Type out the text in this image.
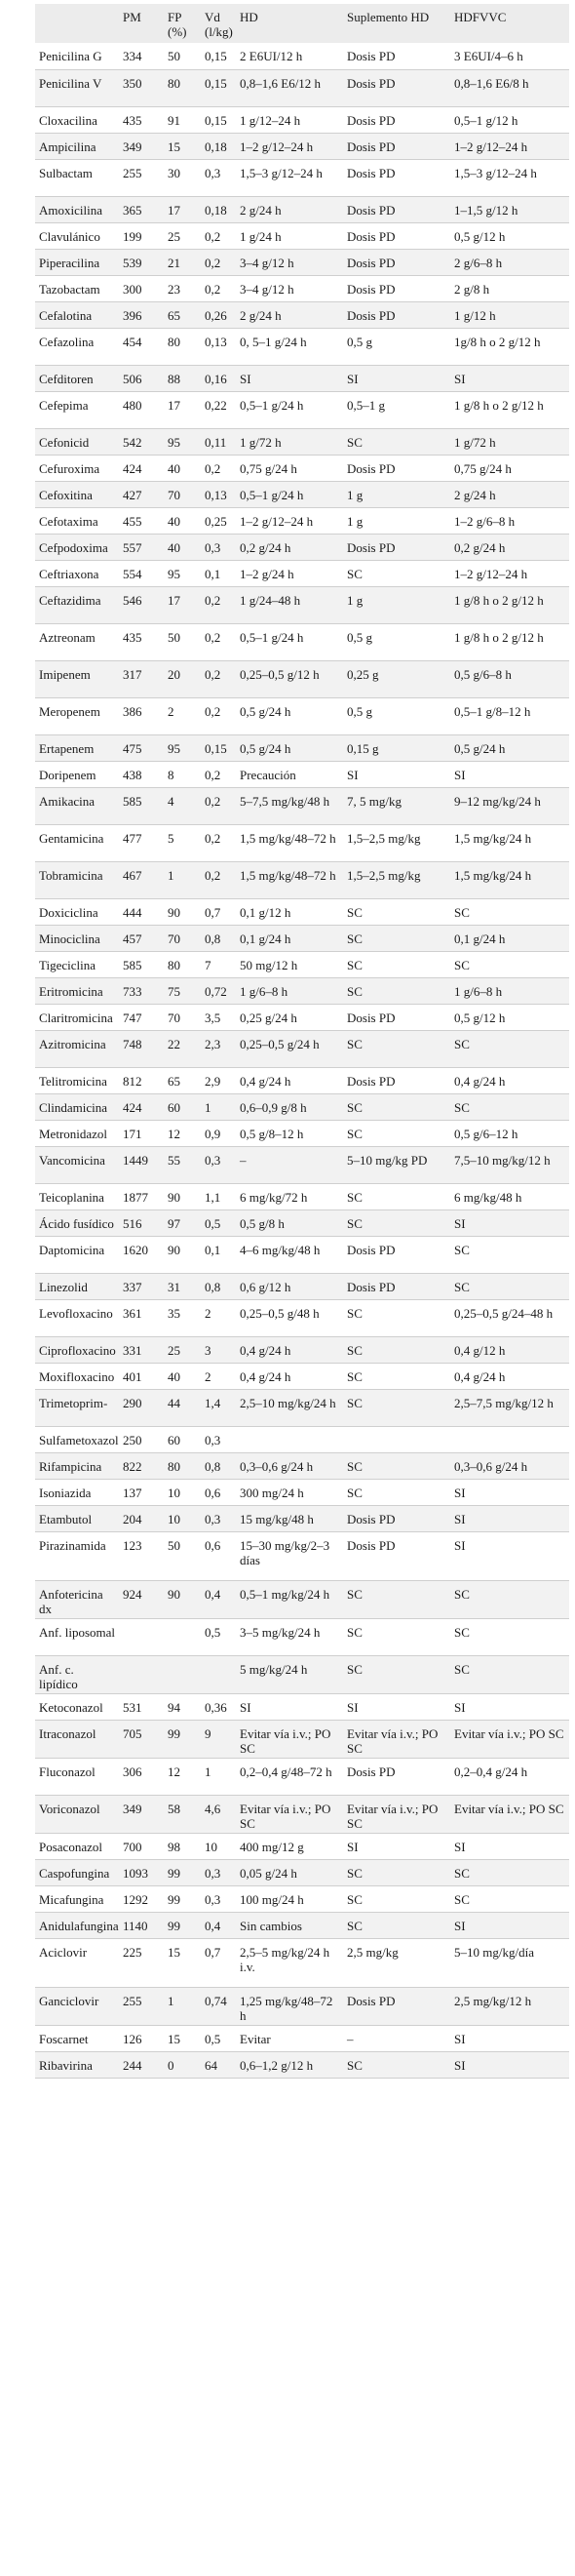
	PM	FP (%)	Vd (l/kg)	HD	Suplemento HD	HDFVVC
Penicilina G	334	50	0,15	2 E6UI/12 h	Dosis PD	3 E6UI/4–6 h
Penicilina V	350	80	0,15	0,8–1,6 E6/12 h	Dosis PD	0,8–1,6 E6/8 h
Cloxacilina	435	91	0,15	1 g/12–24 h	Dosis PD	0,5–1 g/12 h
Ampicilina	349	15	0,18	1–2 g/12–24 h	Dosis PD	1–2 g/12–24 h
Sulbactam	255	30	0,3	1,5–3 g/12–24 h	Dosis PD	1,5–3 g/12–24 h
Amoxicilina	365	17	0,18	2 g/24 h	Dosis PD	1–1,5 g/12 h
Clavulánico	199	25	0,2	1 g/24 h	Dosis PD	0,5 g/12 h
Piperacilina	539	21	0,2	3–4 g/12 h	Dosis PD	2 g/6–8 h
Tazobactam	300	23	0,2	3–4 g/12 h	Dosis PD	2 g/8 h
Cefalotina	396	65	0,26	2 g/24 h	Dosis PD	1 g/12 h
Cefazolina	454	80	0,13	0, 5–1 g/24 h	0,5 g	1g/8 h o 2 g/12 h
Cefditoren	506	88	0,16	SI	SI	SI
Cefepima	480	17	0,22	0,5–1 g/24 h	0,5–1 g	1 g/8 h o 2 g/12 h
Cefonicid	542	95	0,11	1 g/72 h	SC	1 g/72 h
Cefuroxima	424	40	0,2	0,75 g/24 h	Dosis PD	0,75 g/24 h
Cefoxitina	427	70	0,13	0,5–1 g/24 h	1 g	2 g/24 h
Cefotaxima	455	40	0,25	1–2 g/12–24 h	1 g	1–2 g/6–8 h
Cefpodoxima	557	40	0,3	0,2 g/24 h	Dosis PD	0,2 g/24 h
Ceftriaxona	554	95	0,1	1–2 g/24 h	SC	1–2 g/12–24 h
Ceftazidima	546	17	0,2	1 g/24–48 h	1 g	1 g/8 h o 2 g/12 h
Aztreonam	435	50	0,2	0,5–1 g/24 h	0,5 g	1 g/8 h o 2 g/12 h
Imipenem	317	20	0,2	0,25–0,5 g/12 h	0,25 g	0,5 g/6–8 h
Meropenem	386	2	0,2	0,5 g/24 h	0,5 g	0,5–1 g/8–12 h
Ertapenem	475	95	0,15	0,5 g/24 h	0,15 g	0,5 g/24 h
Doripenem	438	8	0,2	Precaución	SI	SI
Amikacina	585	4	0,2	5–7,5 mg/kg/48 h	7, 5 mg/kg	9–12 mg/kg/24 h
Gentamicina	477	5	0,2	1,5 mg/kg/48–72 h	1,5–2,5 mg/kg	1,5 mg/kg/24 h
Tobramicina	467	1	0,2	1,5 mg/kg/48–72 h	1,5–2,5 mg/kg	1,5 mg/kg/24 h
Doxiciclina	444	90	0,7	0,1 g/12 h	SC	SC
Minociclina	457	70	0,8	0,1 g/24 h	SC	0,1 g/24 h
Tigeciclina	585	80	7	50 mg/12 h	SC	SC
Eritromicina	733	75	0,72	1 g/6–8 h	SC	1 g/6–8 h
Claritromicina	747	70	3,5	0,25 g/24 h	Dosis PD	0,5 g/12 h
Azitromicina	748	22	2,3	0,25–0,5 g/24 h	SC	SC
Telitromicina	812	65	2,9	0,4 g/24 h	Dosis PD	0,4 g/24 h
Clindamicina	424	60	1	0,6–0,9 g/8 h	SC	SC
Metronidazol	171	12	0,9	0,5 g/8–12 h	SC	0,5 g/6–12 h
Vancomicina	1449	55	0,3	–	5–10 mg/kg PD	7,5–10 mg/kg/12 h
Teicoplanina	1877	90	1,1	6 mg/kg/72 h	SC	6 mg/kg/48 h
Ácido fusídico	516	97	0,5	0,5 g/8 h	SC	SI
Daptomicina	1620	90	0,1	4–6 mg/kg/48 h	Dosis PD	SC
Linezolid	337	31	0,8	0,6 g/12 h	Dosis PD	SC
Levofloxacino	361	35	2	0,25–0,5 g/48 h	SC	0,25–0,5 g/24–48 h
Ciprofloxacino	331	25	3	0,4 g/24 h	SC	0,4 g/12 h
Moxifloxacino	401	40	2	0,4 g/24 h	SC	0,4 g/24 h
Trimetoprim-	290	44	1,4	2,5–10 mg/kg/24 h	SC	2,5–7,5 mg/kg/12 h
Sulfametoxazol	250	60	0,3			
Rifampicina	822	80	0,8	0,3–0,6 g/24 h	SC	0,3–0,6 g/24 h
Isoniazida	137	10	0,6	300 mg/24 h	SC	SI
Etambutol	204	10	0,3	15 mg/kg/48 h	Dosis PD	SI
Pirazinamida	123	50	0,6	15–30 mg/kg/2–3 días	Dosis PD	SI
Anfotericina dx	924	90	0,4	0,5–1 mg/kg/24 h	SC	SC
Anf. liposomal			0,5	3–5 mg/kg/24 h	SC	SC
Anf. c. lipídico				5 mg/kg/24 h	SC	SC
Ketoconazol	531	94	0,36	SI	SI	SI
Itraconazol	705	99	9	Evitar vía i.v.; PO SC	Evitar vía i.v.; PO SC	Evitar vía i.v.; PO SC
Fluconazol	306	12	1	0,2–0,4 g/48–72 h	Dosis PD	0,2–0,4 g/24 h
Voriconazol	349	58	4,6	Evitar vía i.v.; PO SC	Evitar vía i.v.; PO SC	Evitar vía i.v.; PO SC
Posaconazol	700	98	10	400 mg/12 g	SI	SI
Caspofungina	1093	99	0,3	0,05 g/24 h	SC	SC
Micafungina	1292	99	0,3	100 mg/24 h	SC	SC
Anidulafungina	1140	99	0,4	Sin cambios	SC	SI
Aciclovir	225	15	0,7	2,5–5 mg/kg/24 h i.v.	2,5 mg/kg	5–10 mg/kg/día
Ganciclovir	255	1	0,74	1,25 mg/kg/48–72 h	Dosis PD	2,5 mg/kg/12 h
Foscarnet	126	15	0,5	Evitar	–	SI
Ribavirina	244	0	64	0,6–1,2 g/12 h	SC	SI
